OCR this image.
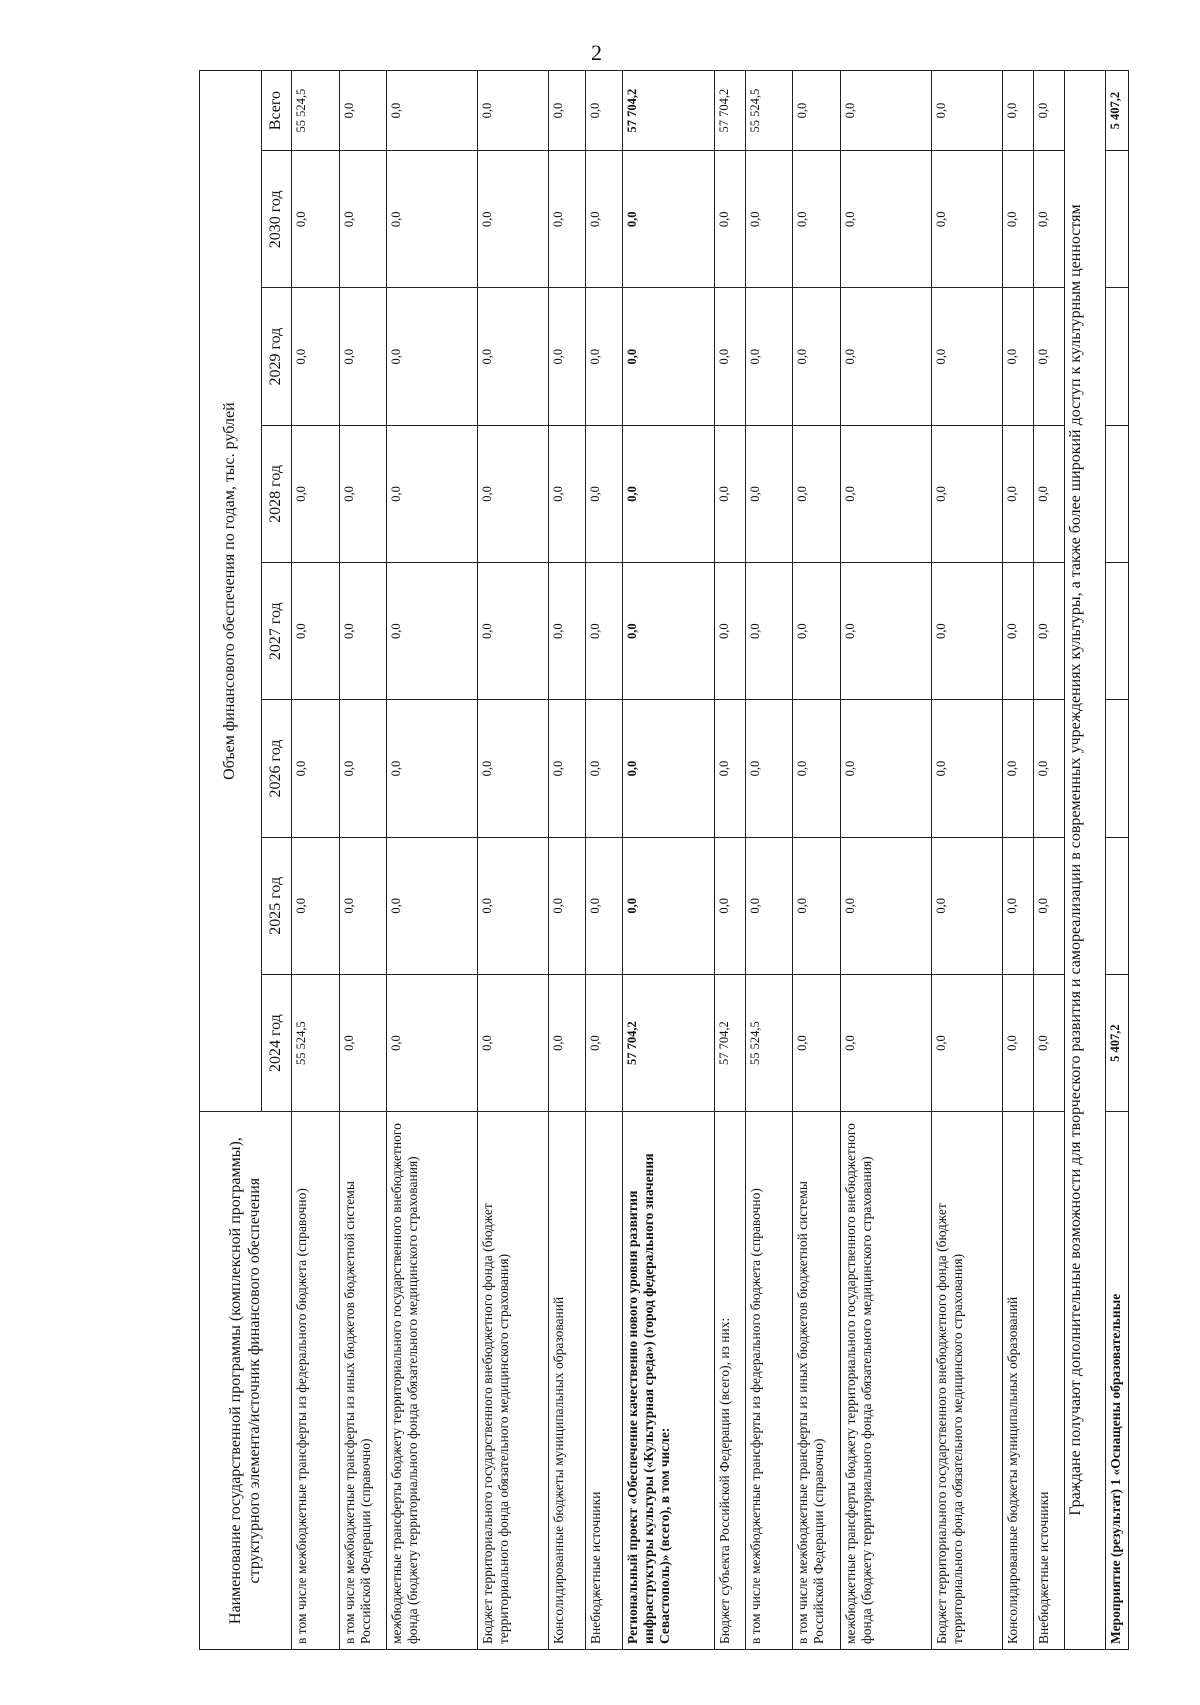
2
Наименование государственной программы (комплексной программы), структурного элемента/источник финансового обеспечения	Объем финансового обеспечения по годам, тыс. рублей							
	2024 год	2025 год	2026 год	2027 год	2028 год	2029 год	2030 год	Всего
в том числе межбюджетные трансферты из федерального бюджета (справочно)	55 524,5	0,0	0,0	0,0	0,0	0,0	0,0	55 524,5
в том числе межбюджетные трансферты из иных бюджетов бюджетной системы Российской Федерации (справочно)	0,0	0,0	0,0	0,0	0,0	0,0	0,0	0,0
межбюджетные трансферты бюджету территориального государственного внебюджетного фонда (бюджету территориального фонда обязательного медицинского страхования)	0,0	0,0	0,0	0,0	0,0	0,0	0,0	0,0
Бюджет территориального государственного внебюджетного фонда (бюджет территориального фонда обязательного медицинского страхования)	0,0	0,0	0,0	0,0	0,0	0,0	0,0	0,0
Консолидированные бюджеты муниципальных образований	0,0	0,0	0,0	0,0	0,0	0,0	0,0	0,0
Внебюджетные источники	0,0	0,0	0,0	0,0	0,0	0,0	0,0	0,0
Региональный проект «Обеспечение качественно нового уровня развития инфраструктуры культуры («Культурная среда») (город федерального значения Севастополь)» (всего), в том числе:	57 704,2	0,0	0,0	0,0	0,0	0,0	0,0	57 704,2
Бюджет субъекта Российской Федерации (всего), из них:	57 704,2	0,0	0,0	0,0	0,0	0,0	0,0	57 704,2
в том числе межбюджетные трансферты из федерального бюджета (справочно)	55 524,5	0,0	0,0	0,0	0,0	0,0	0,0	55 524,5
в том числе межбюджетные трансферты из иных бюджетов бюджетной системы Российской Федерации (справочно)	0,0	0,0	0,0	0,0	0,0	0,0	0,0	0,0
межбюджетные трансферты бюджету территориального государственного внебюджетного фонда (бюджету территориального фонда обязательного медицинского страхования)	0,0	0,0	0,0	0,0	0,0	0,0	0,0	0,0
Бюджет территориального государственного внебюджетного фонда (бюджет территориального фонда обязательного медицинского страхования)	0,0	0,0	0,0	0,0	0,0	0,0	0,0	0,0
Консолидированные бюджеты муниципальных образований	0,0	0,0	0,0	0,0	0,0	0,0	0,0	0,0
Внебюджетные источники	0,0	0,0	0,0	0,0	0,0	0,0	0,0	0,0
Граждане получают дополнительные возможности для творческого развития и самореализации в современных учреждениях культуры, а также более широкий доступ к культурным ценностям								
Мероприятие (результат) 1 «Оснащены образовательные	5 407,2							5 407,2
